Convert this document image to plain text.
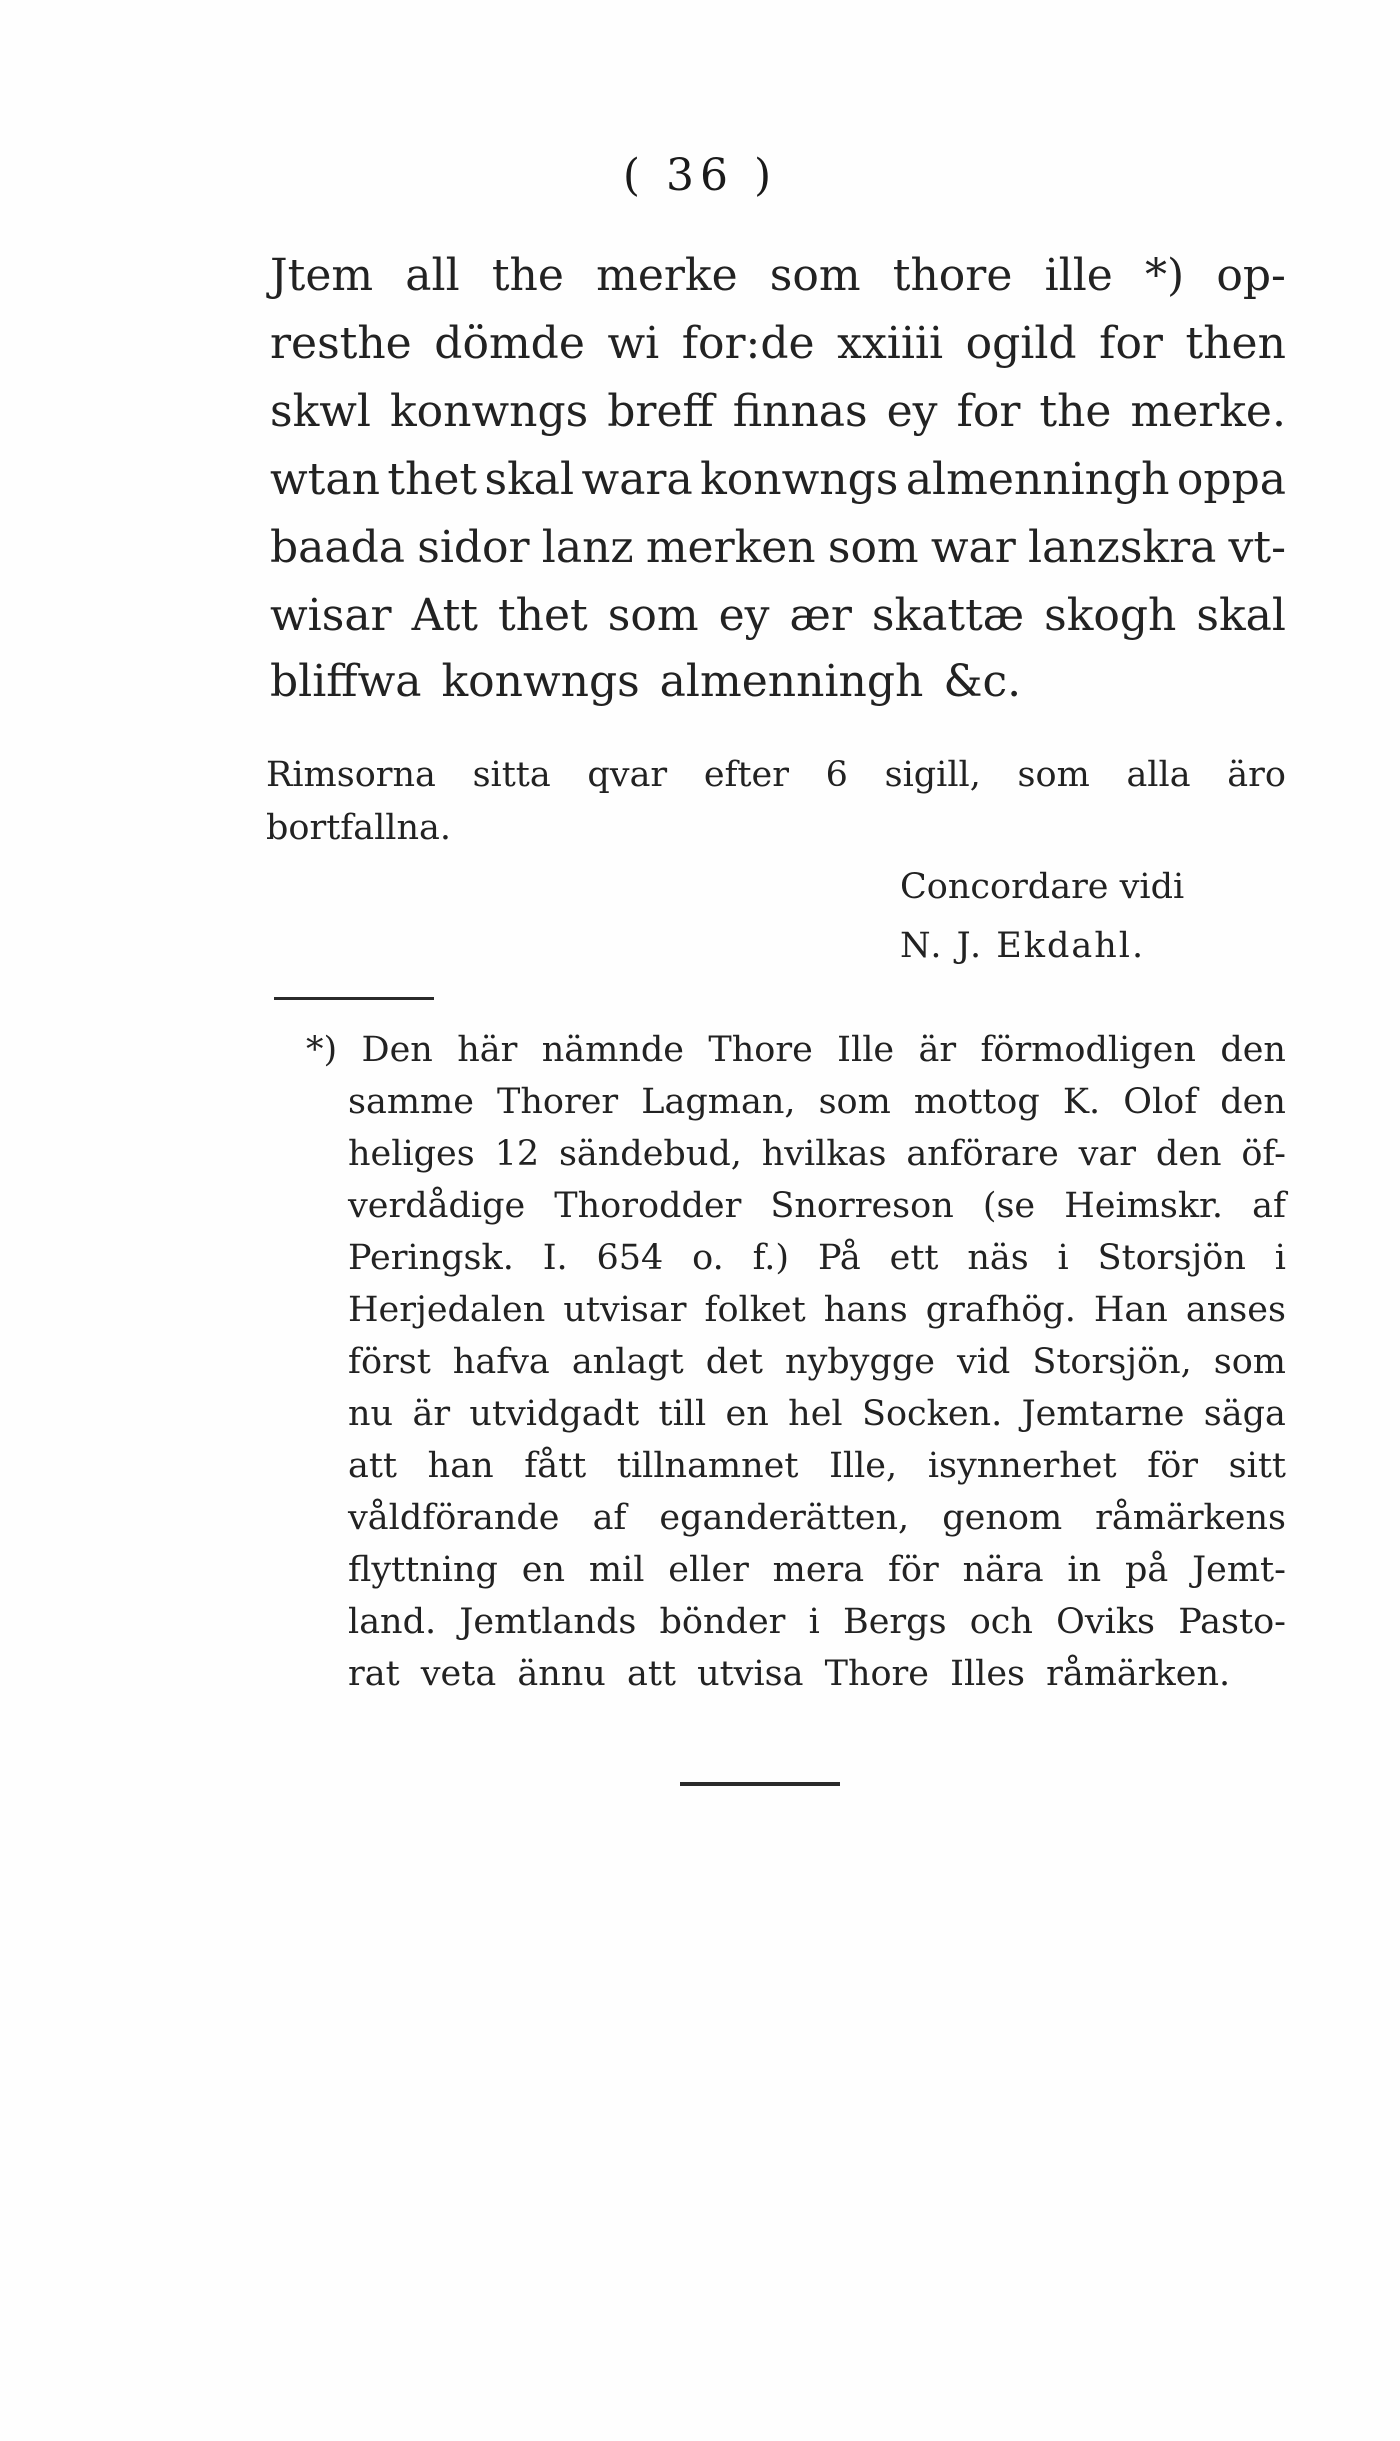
( 36 )
Jtem all the merke som thore ille *) op-
resthe dömde wi for:de xxiiii ogild for then
skwl konwngs breff finnas ey for the merke.
wtan thet skal wara konwngs almenningh oppa
baada sidor lanz merken som war lanzskra vt-
wisar Att thet som ey ær skattæ skogh skal
bliffwa konwngs almenningh &c.
Rimsorna sitta qvar efter 6 sigill, som alla äro
bortfallna.
Concordare vidi
N. J. Ekdahl.
*) Den här nämnde Thore Ille är förmodligen den
samme Thorer Lagman, som mottog K. Olof den
heliges 12 sändebud, hvilkas anförare var den öf-
verdådige Thorodder Snorreson (se Heimskr. af
Peringsk. I. 654 o. f.) På ett näs i Storsjön i
Herjedalen utvisar folket hans grafhög. Han anses
först hafva anlagt det nybygge vid Storsjön, som
nu är utvidgadt till en hel Socken. Jemtarne säga
att han fått tillnamnet Ille, isynnerhet för sitt
våldförande af eganderätten, genom råmärkens
flyttning en mil eller mera för nära in på Jemt-
land. Jemtlands bönder i Bergs och Oviks Pasto-
rat veta ännu att utvisa Thore Illes råmärken.
